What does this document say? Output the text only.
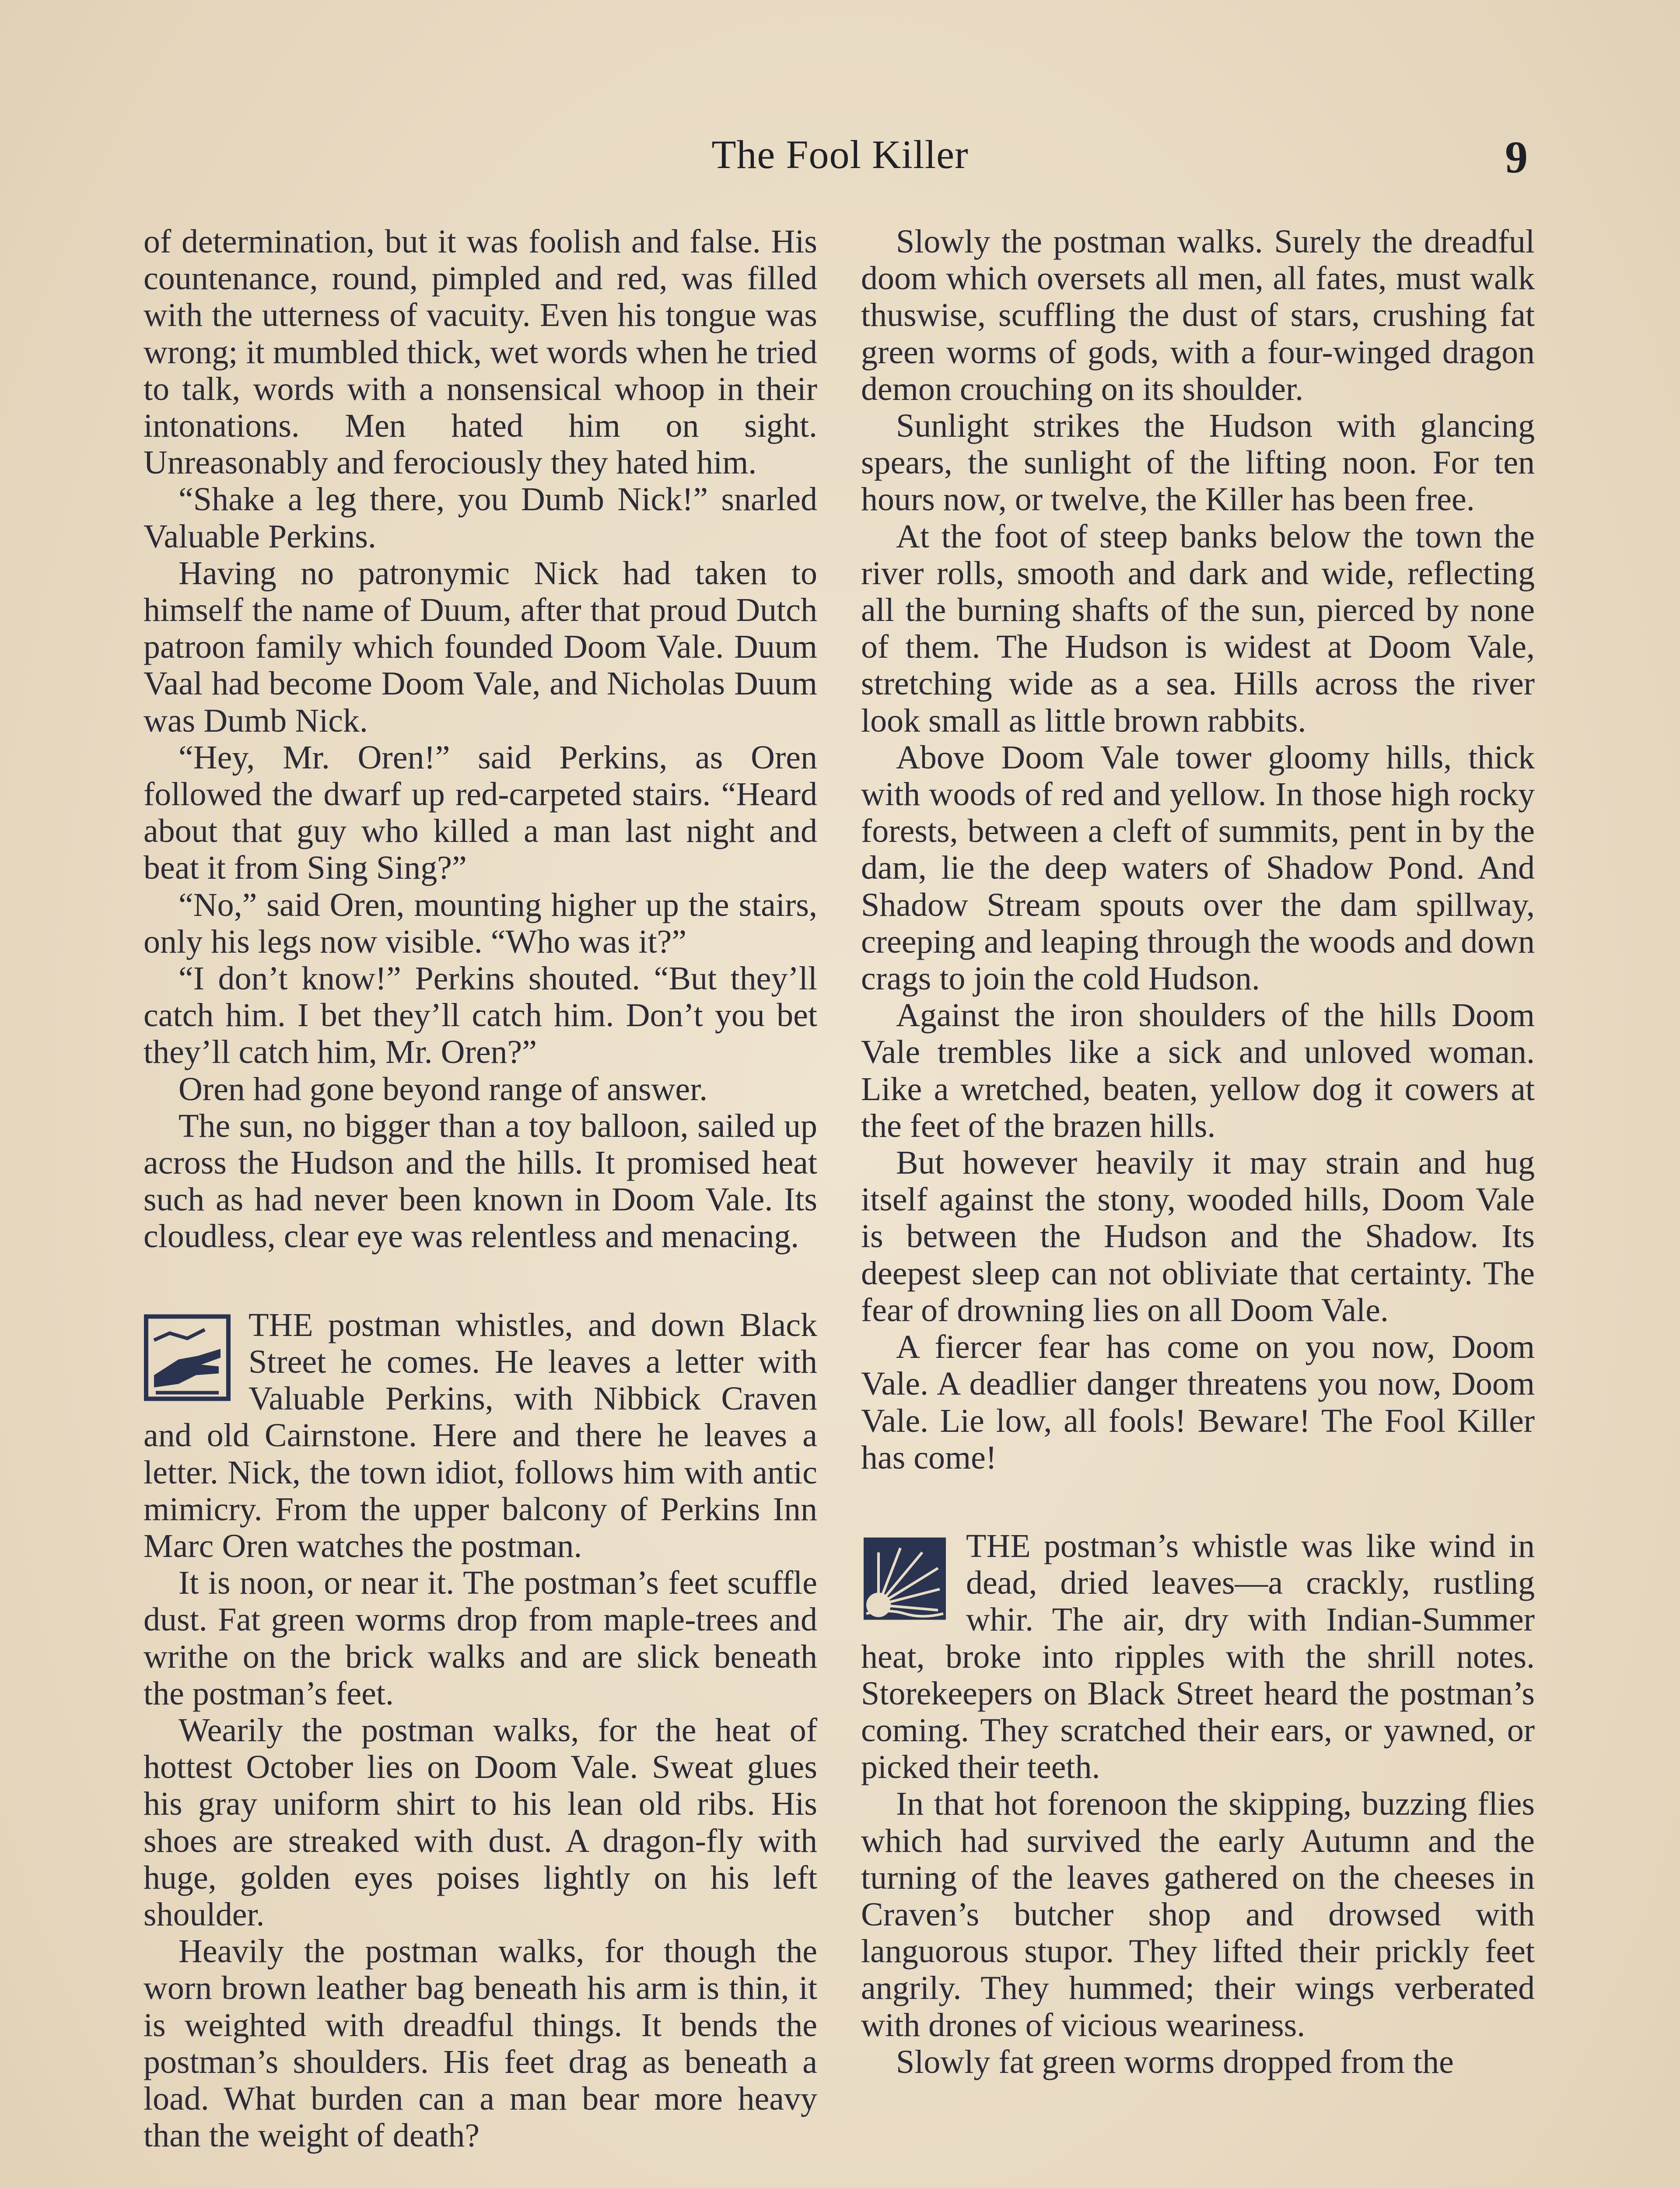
The Fool Killer	9

of determination, but it was foolish and false. His countenance, round, pimpled and red, was filled with the utterness of vacuity. Even his tongue was wrong; it mumbled thick, wet words when he tried to talk, words with a nonsensical whoop in their intonations. Men hated him on sight. Unreasonably and ferociously they hated him.

“Shake a leg there, you Dumb Nick!” snarled Valuable Perkins.

Having no patronymic Nick had taken to himself the name of Duum, after that proud Dutch patroon family which founded Doom Vale. Duum Vaal had become Doom Vale, and Nicholas Duum was Dumb Nick.

“Hey, Mr. Oren!” said Perkins, as Oren followed the dwarf up red-carpeted stairs. “Heard about that guy who killed a man last night and beat it from Sing Sing?”

“No,” said Oren, mounting higher up the stairs, only his legs now visible. “Who was it?”

“I don’t know!” Perkins shouted. “But they’ll catch him. I bet they’ll catch him. Don’t you bet they’ll catch him, Mr. Oren?”

Oren had gone beyond range of answer.

The sun, no bigger than a toy balloon, sailed up across the Hudson and the hills. It promised heat such as had never been known in Doom Vale. Its cloudless, clear eye was relentless and menacing.

THE postman whistles, and down Black Street he comes. He leaves a letter with Valuable Perkins, with Nibbick Craven and old Cairnstone. Here and there he leaves a letter. Nick, the town idiot, follows him with antic mimicry. From the upper balcony of Perkins Inn Marc Oren watches the postman.

It is noon, or near it. The postman’s feet scuffle dust. Fat green worms drop from maple-trees and writhe on the brick walks and are slick beneath the postman’s feet.

Wearily the postman walks, for the heat of hottest October lies on Doom Vale. Sweat glues his gray uniform shirt to his lean old ribs. His shoes are streaked with dust. A dragon-fly with huge, golden eyes poises lightly on his left shoulder.

Heavily the postman walks, for though the worn brown leather bag beneath his arm is thin, it is weighted with dreadful things. It bends the postman’s shoulders. His feet drag as beneath a load. What burden can a man bear more heavy than the weight of death?

Slowly the postman walks. Surely the dreadful doom which oversets all men, all fates, must walk thuswise, scuffling the dust of stars, crushing fat green worms of gods, with a four-winged dragon demon crouching on its shoulder.

Sunlight strikes the Hudson with glancing spears, the sunlight of the lifting noon. For ten hours now, or twelve, the Killer has been free.

At the foot of steep banks below the town the river rolls, smooth and dark and wide, reflecting all the burning shafts of the sun, pierced by none of them. The Hudson is widest at Doom Vale, stretching wide as a sea. Hills across the river look small as little brown rabbits.

Above Doom Vale tower gloomy hills, thick with woods of red and yellow. In those high rocky forests, between a cleft of summits, pent in by the dam, lie the deep waters of Shadow Pond. And Shadow Stream spouts over the dam spillway, creeping and leaping through the woods and down crags to join the cold Hudson.

Against the iron shoulders of the hills Doom Vale trembles like a sick and unloved woman. Like a wretched, beaten, yellow dog it cowers at the feet of the brazen hills.

But however heavily it may strain and hug itself against the stony, wooded hills, Doom Vale is between the Hudson and the Shadow. Its deepest sleep can not obliviate that certainty. The fear of drowning lies on all Doom Vale.

A fiercer fear has come on you now, Doom Vale. A deadlier danger threatens you now, Doom Vale. Lie low, all fools! Beware! The Fool Killer has come!

THE postman’s whistle was like wind in dead, dried leaves—a crackly, rustling whir. The air, dry with Indian-Summer heat, broke into ripples with the shrill notes. Storekeepers on Black Street heard the postman’s coming. They scratched their ears, or yawned, or picked their teeth.

In that hot forenoon the skipping, buzzing flies which had survived the early Autumn and the turning of the leaves gathered on the cheeses in Craven’s butcher shop and drowsed with languorous stupor. They lifted their prickly feet angrily. They hummed; their wings verberated with drones of vicious weariness.

Slowly fat green worms dropped from the
